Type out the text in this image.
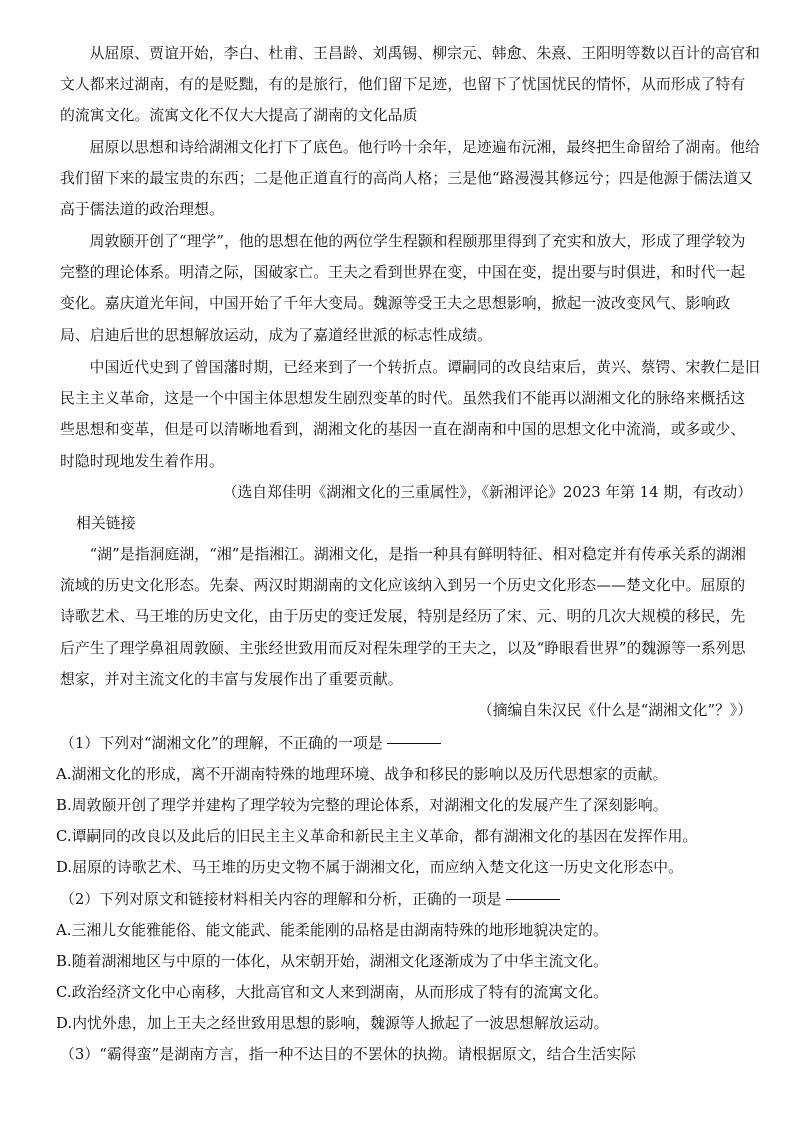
从屈原、贾谊开始，李白、杜甫、王昌龄、刘禹锡、柳宗元、韩愈、朱熹、王阳明等数以百计的高官和文人都来过湖南，有的是贬黜，有的是旅行，他们留下足迹，也留下了忧国忧民的情怀，从而形成了特有的流寓文化。流寓文化不仅大大提高了湖南的文化品质
屈原以思想和诗给湖湘文化打下了底色。他行吟十余年，足迹遍布沅湘，最终把生命留给了湖南。他给我们留下来的最宝贵的东西；二是他正道直行的高尚人格；三是他“路漫漫其修远兮；四是他源于儒法道又高于儒法道的政治理想。
周敦颐开创了“理学”，他的思想在他的两位学生程颢和程颐那里得到了充实和放大，形成了理学较为完整的理论体系。明清之际，国破家亡。王夫之看到世界在变，中国在变，提出要与时俱进，和时代一起变化。嘉庆道光年间，中国开始了千年大变局。魏源等受王夫之思想影响，掀起一波改变风气、影响政局、启迪后世的思想解放运动，成为了嘉道经世派的标志性成绩。
中国近代史到了曾国藩时期，已经来到了一个转折点。谭嗣同的改良结束后，黄兴、蔡锷、宋教仁是旧民主主义革命，这是一个中国主体思想发生剧烈变革的时代。虽然我们不能再以湖湘文化的脉络来概括这些思想和变革，但是可以清晰地看到，湖湘文化的基因一直在湖南和中国的思想文化中流淌，或多或少、时隐时现地发生着作用。
（选自郑佳明《湖湘文化的三重属性》，《新湘评论》2023 年第 14 期，有改动）
相关链接
“湖”是指洞庭湖，“湘”是指湘江。湖湘文化，是指一种具有鲜明特征、相对稳定并有传承关系的湖湘流域的历史文化形态。先秦、两汉时期湖南的文化应该纳入到另一个历史文化形态——楚文化中。屈原的诗歌艺术、马王堆的历史文化，由于历史的变迁发展，特别是经历了宋、元、明的几次大规模的移民，先后产生了理学鼻祖周敦颐、主张经世致用而反对程朱理学的王夫之，以及“睁眼看世界”的魏源等一系列思想家，并对主流文化的丰富与发展作出了重要贡献。
（摘编自朱汉民《什么是“湖湘文化”？》）
（1）下列对“湖湘文化”的理解，不正确的一项是
A.湖湘文化的形成，离不开湖南特殊的地理环境、战争和移民的影响以及历代思想家的贡献。
B.周敦颐开创了理学并建构了理学较为完整的理论体系，对湖湘文化的发展产生了深刻影响。
C.谭嗣同的改良以及此后的旧民主主义革命和新民主主义革命，都有湖湘文化的基因在发挥作用。
D.屈原的诗歌艺术、马王堆的历史文物不属于湖湘文化，而应纳入楚文化这一历史文化形态中。
（2）下列对原文和链接材料相关内容的理解和分析，正确的一项是
A.三湘儿女能雅能俗、能文能武、能柔能刚的品格是由湖南特殊的地形地貌决定的。
B.随着湖湘地区与中原的一体化，从宋朝开始，湖湘文化逐渐成为了中华主流文化。
C.政治经济文化中心南移，大批高官和文人来到湖南，从而形成了特有的流寓文化。
D.内忧外患，加上王夫之经世致用思想的影响，魏源等人掀起了一波思想解放运动。
（3）“霸得蛮”是湖南方言，指一种不达目的不罢休的执拗。请根据原文，结合生活实际
